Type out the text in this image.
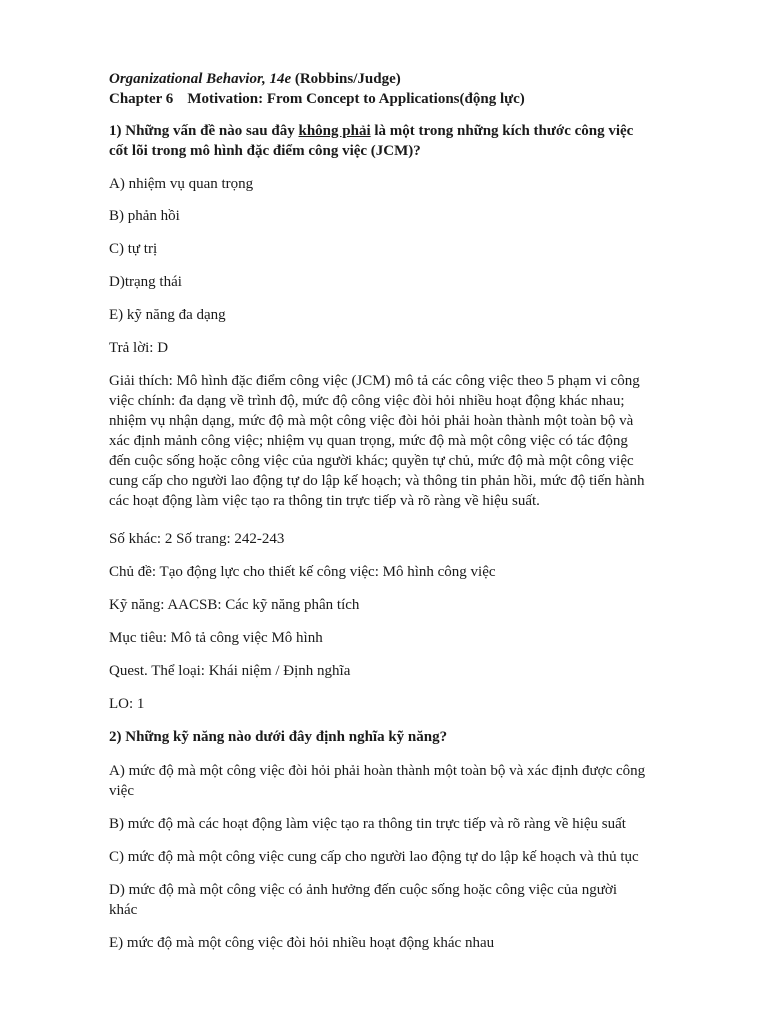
Organizational Behavior, 14e (Robbins/Judge)
Chapter 6 Motivation: From Concept to Applications(động lực)
1) Những vấn đề nào sau đây không phải là một trong những kích thước công việc
cốt lõi trong mô hình đặc điểm công việc (JCM)?
A) nhiệm vụ quan trọng
B) phản hồi
C) tự trị
D)trạng thái
E) kỹ năng đa dạng
Trả lời: D
Giải thích: Mô hình đặc điểm công việc (JCM) mô tả các công việc theo 5 phạm vi công
việc chính: đa dạng về trình độ, mức độ công việc đòi hỏi nhiều hoạt động khác nhau;
nhiệm vụ nhận dạng, mức độ mà một công việc đòi hỏi phải hoàn thành một toàn bộ và
xác định mảnh công việc; nhiệm vụ quan trọng, mức độ mà một công việc có tác động
đến cuộc sống hoặc công việc của người khác; quyền tự chủ, mức độ mà một công việc
cung cấp cho người lao động tự do lập kế hoạch; và thông tin phản hồi, mức độ tiến hành
các hoạt động làm việc tạo ra thông tin trực tiếp và rõ ràng về hiệu suất.
Số khác: 2 Số trang: 242-243
Chủ đề: Tạo động lực cho thiết kế công việc: Mô hình công việc
Kỹ năng: AACSB: Các kỹ năng phân tích
Mục tiêu: Mô tả công việc Mô hình
Quest. Thể loại: Khái niệm / Định nghĩa
LO: 1
2) Những kỹ năng nào dưới đây định nghĩa kỹ năng?
A) mức độ mà một công việc đòi hỏi phải hoàn thành một toàn bộ và xác định được công
việc
B) mức độ mà các hoạt động làm việc tạo ra thông tin trực tiếp và rõ ràng về hiệu suất
C) mức độ mà một công việc cung cấp cho người lao động tự do lập kế hoạch và thủ tục
D) mức độ mà một công việc có ảnh hưởng đến cuộc sống hoặc công việc của người
khác
E) mức độ mà một công việc đòi hỏi nhiều hoạt động khác nhau
